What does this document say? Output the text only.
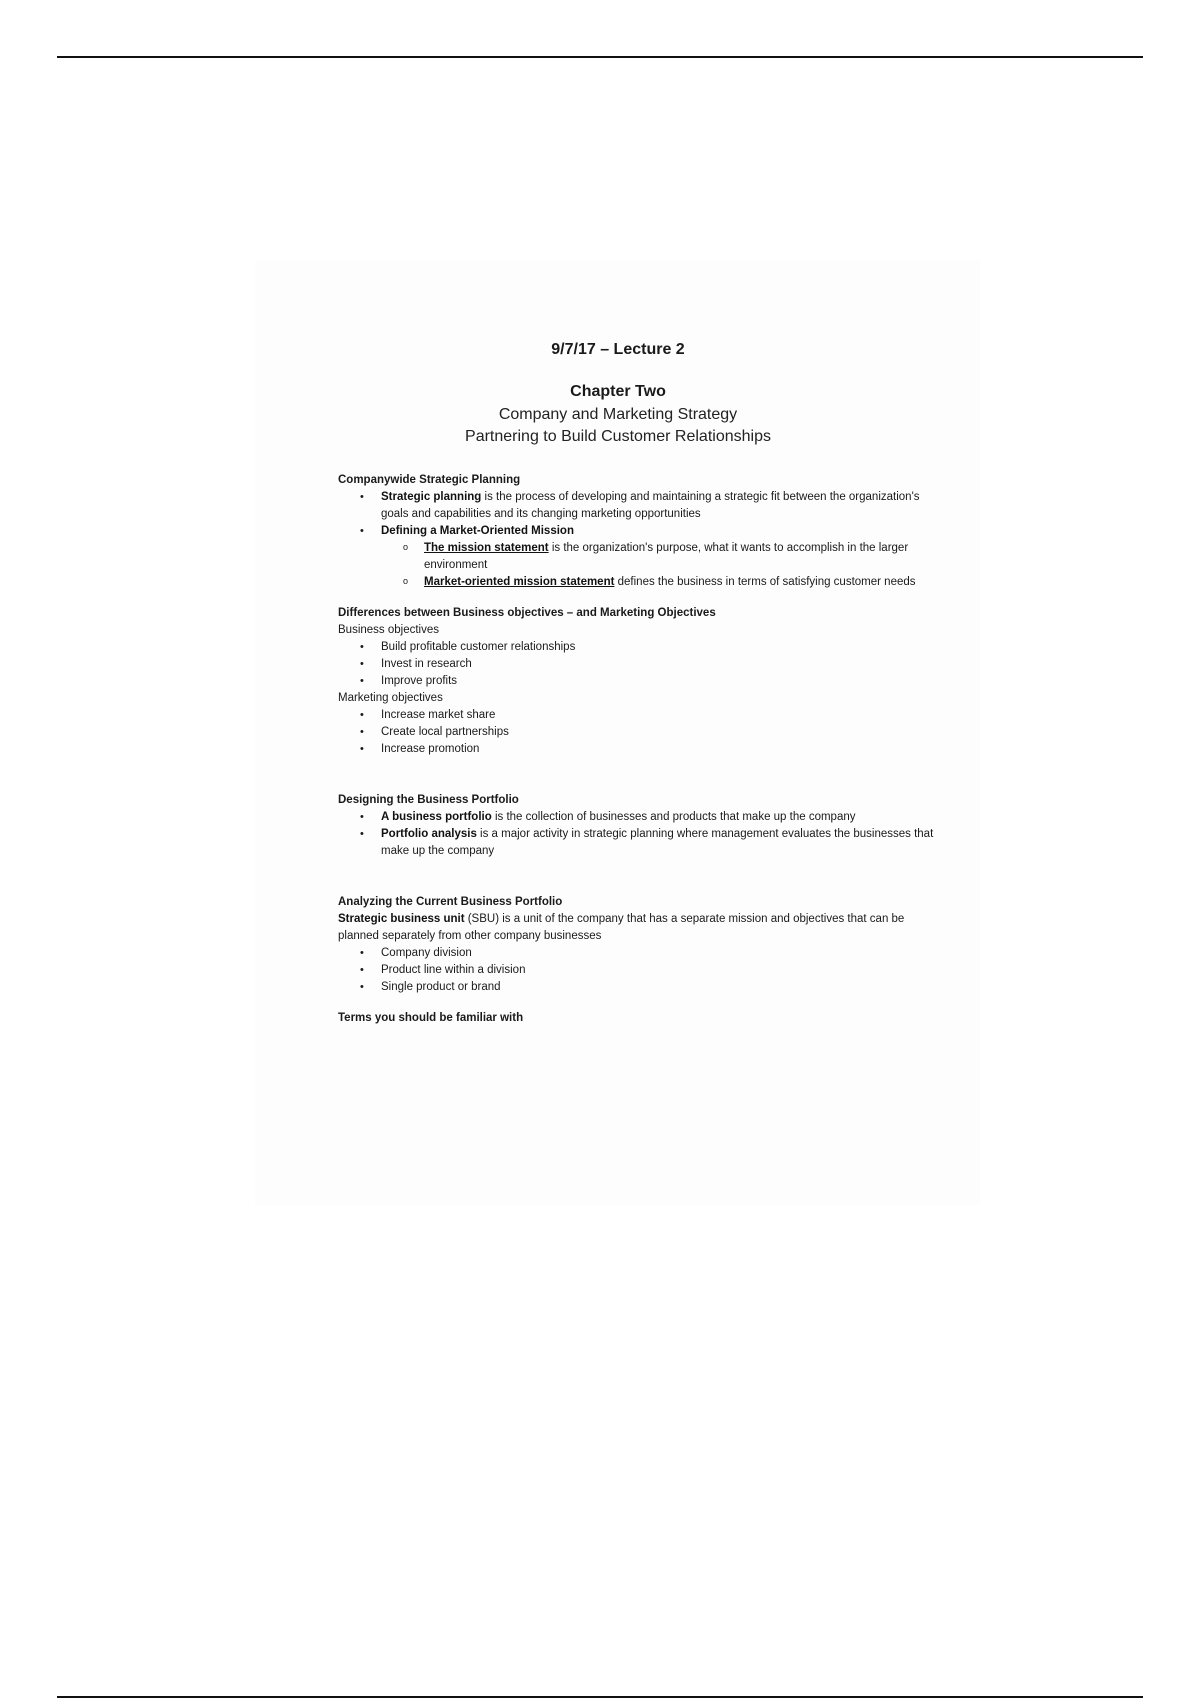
9/7/17 – Lecture 2

Chapter Two

Company and Marketing Strategy

Partnering to Build Customer Relationships

Companywide Strategic Planning

• Strategic planning is the process of developing and maintaining a strategic fit between the organization's goals and capabilities and its changing marketing opportunities
• Defining a Market-Oriented Mission
o The mission statement is the organization's purpose, what it wants to accomplish in the larger environment
o Market-oriented mission statement defines the business in terms of satisfying customer needs

Differences between Business objectives – and Marketing Objectives

Business objectives

• Build profitable customer relationships
• Invest in research
• Improve profits

Marketing objectives

• Increase market share
• Create local partnerships
• Increase promotion

Designing the Business Portfolio

• A business portfolio is the collection of businesses and products that make up the company
• Portfolio analysis is a major activity in strategic planning where management evaluates the businesses that make up the company

Analyzing the Current Business Portfolio

Strategic business unit (SBU) is a unit of the company that has a separate mission and objectives that can be planned separately from other company businesses

• Company division
• Product line within a division
• Single product or brand

Terms you should be familiar with
